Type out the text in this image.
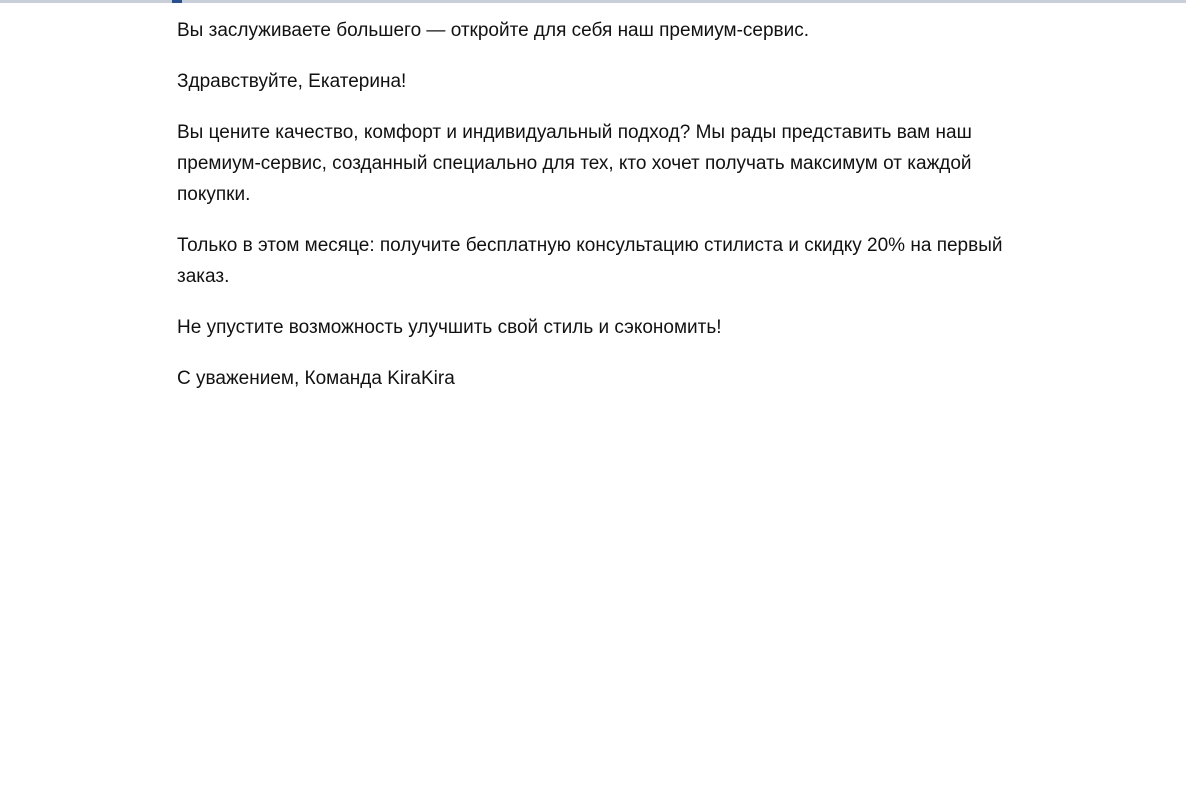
Вы заслуживаете большего — откройте для себя наш премиум-сервис.

Здравствуйте, Екатерина!

Вы цените качество, комфорт и индивидуальный подход? Мы рады представить вам наш премиум-сервис, созданный специально для тех, кто хочет получать максимум от каждой покупки.

Только в этом месяце: получите бесплатную консультацию стилиста и скидку 20% на первый заказ.

Не упустите возможность улучшить свой стиль и сэкономить!

С уважением, Команда KiraKira
